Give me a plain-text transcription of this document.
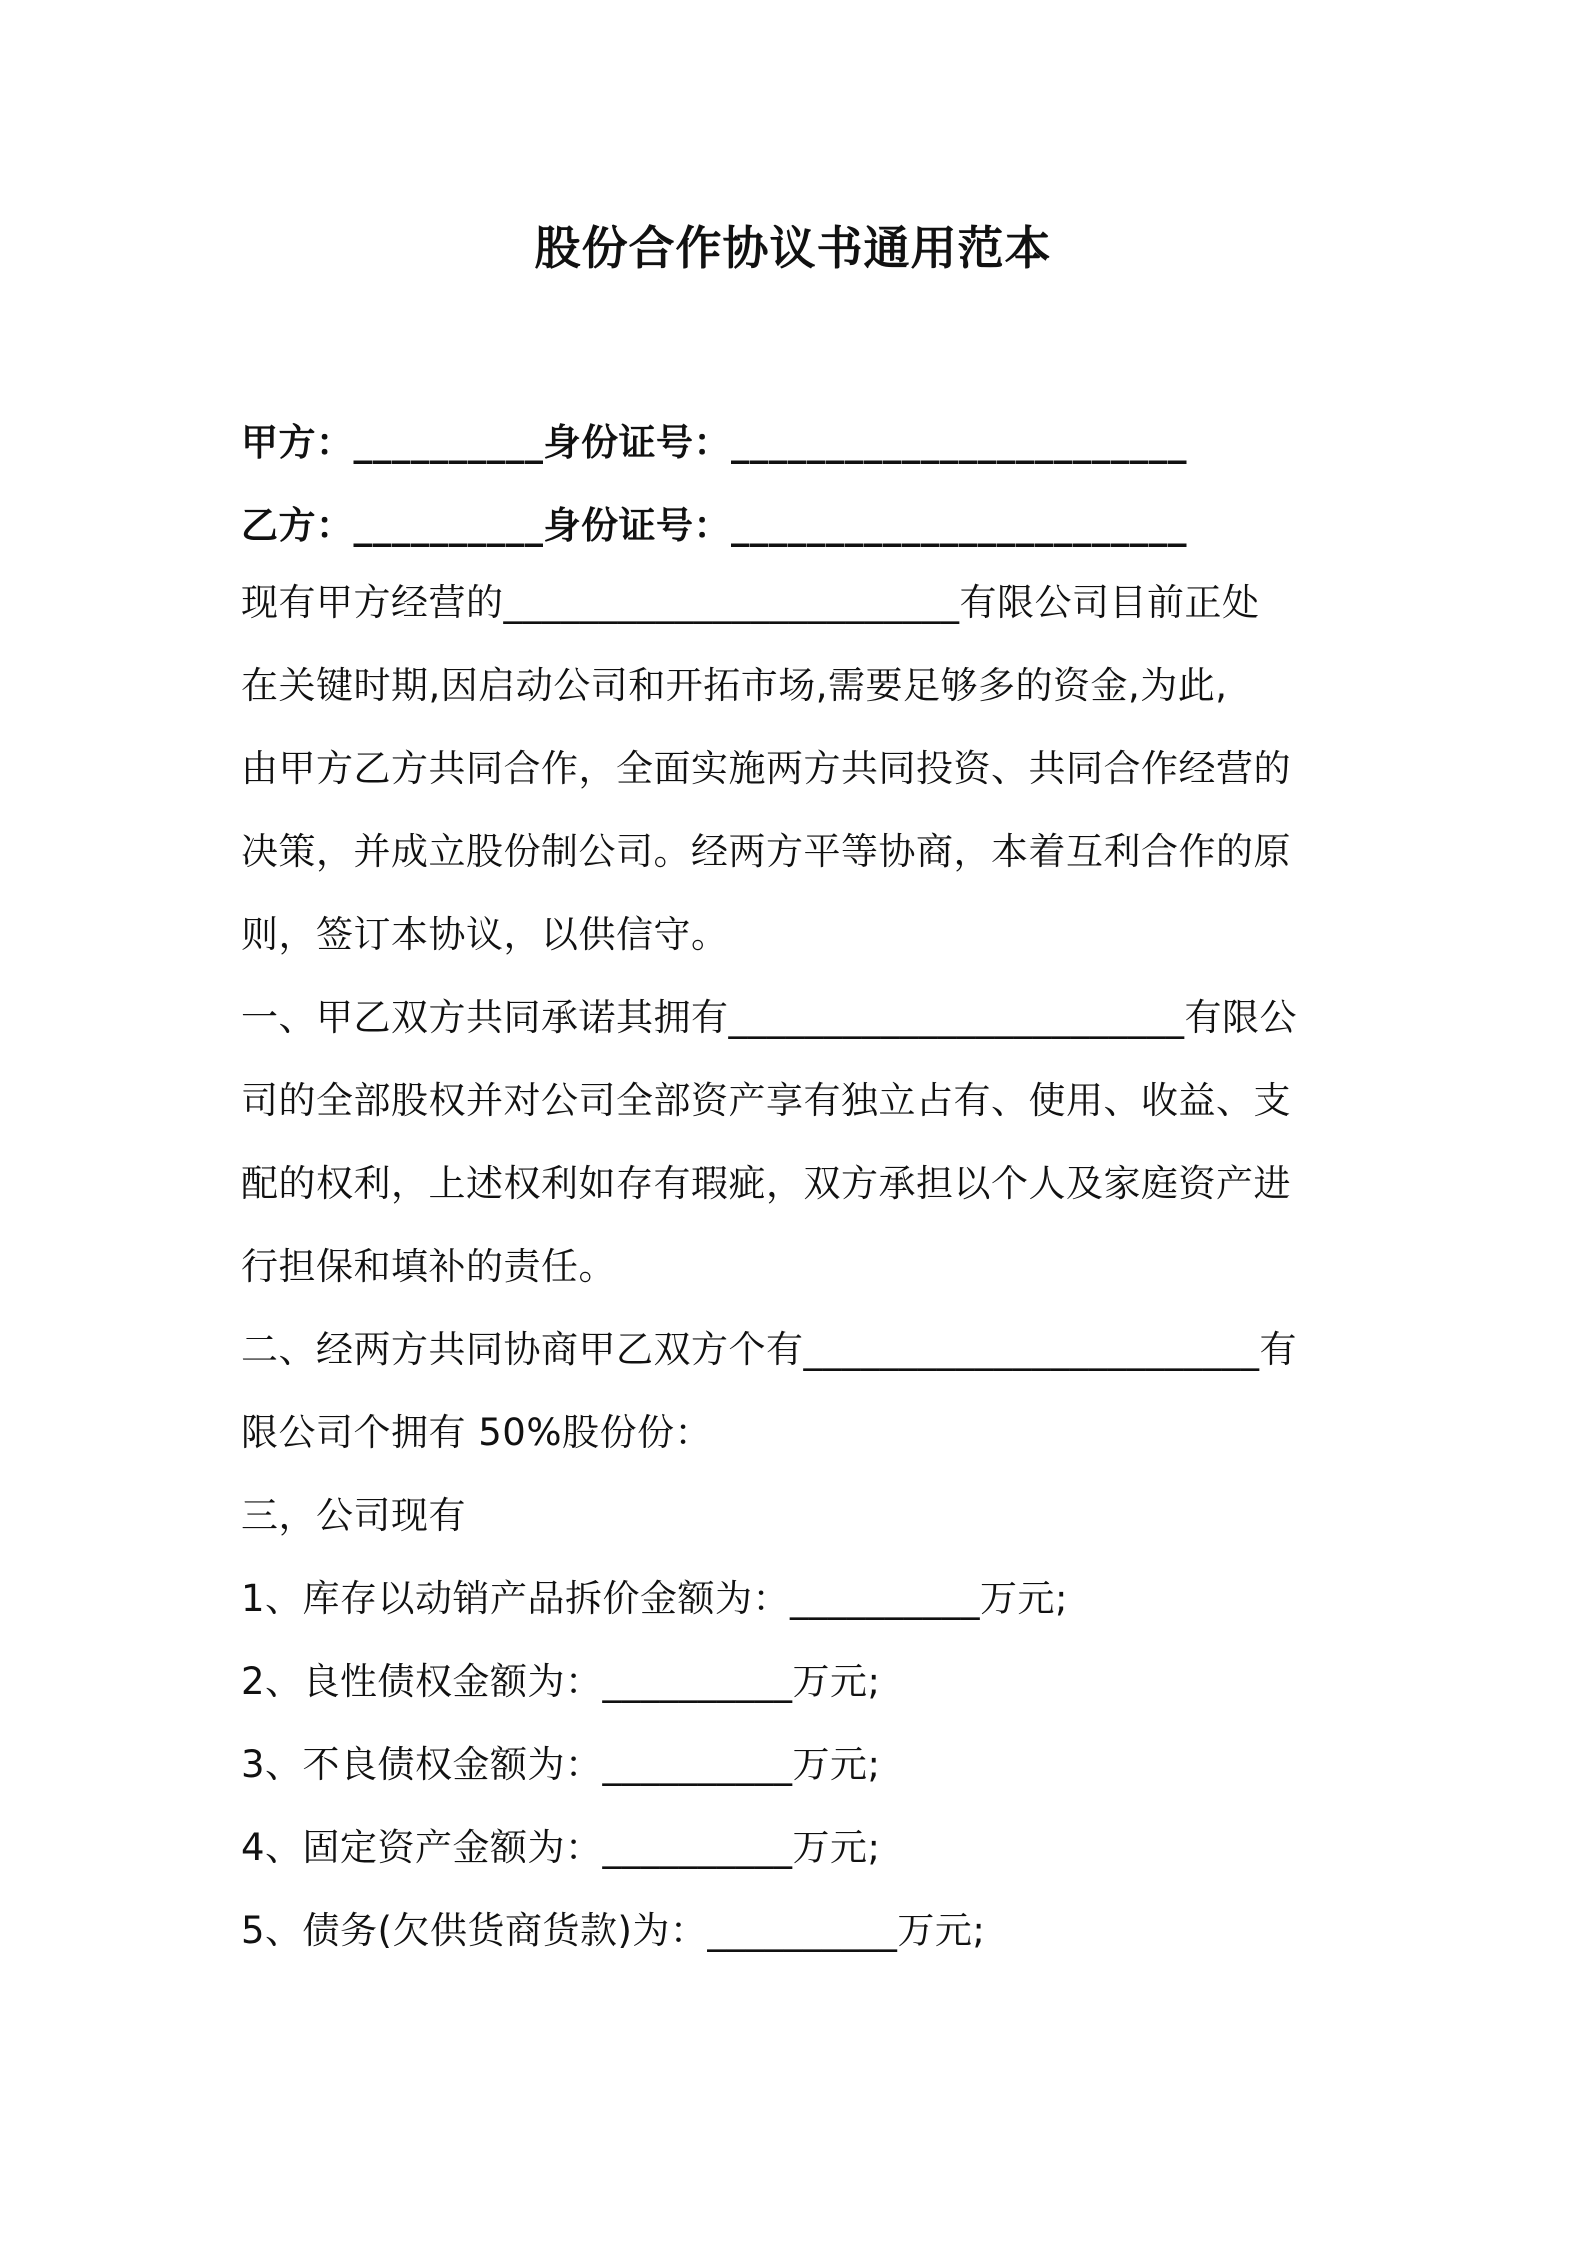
股份合作协议书通用范本
甲方：__________身份证号：________________________
乙方：__________身份证号：________________________
现有甲方经营的________________________有限公司目前正处
在关键时期,因启动公司和开拓市场,需要足够多的资金,为此,
由甲方乙方共同合作，全面实施两方共同投资、共同合作经营的
决策，并成立股份制公司。经两方平等协商，本着互利合作的原
则，签订本协议，以供信守。
一、甲乙双方共同承诺其拥有________________________有限公
司的全部股权并对公司全部资产享有独立占有、使用、收益、支
配的权利，上述权利如存有瑕疵，双方承担以个人及家庭资产进
行担保和填补的责任。
二、经两方共同协商甲乙双方个有________________________有
限公司个拥有 50%股份份：
三，公司现有
1、库存以动销产品拆价金额为：__________万元;
2、良性债权金额为：__________万元;
3、不良债权金额为：__________万元;
4、固定资产金额为：__________万元;
5、债务(欠供货商货款)为：__________万元;
